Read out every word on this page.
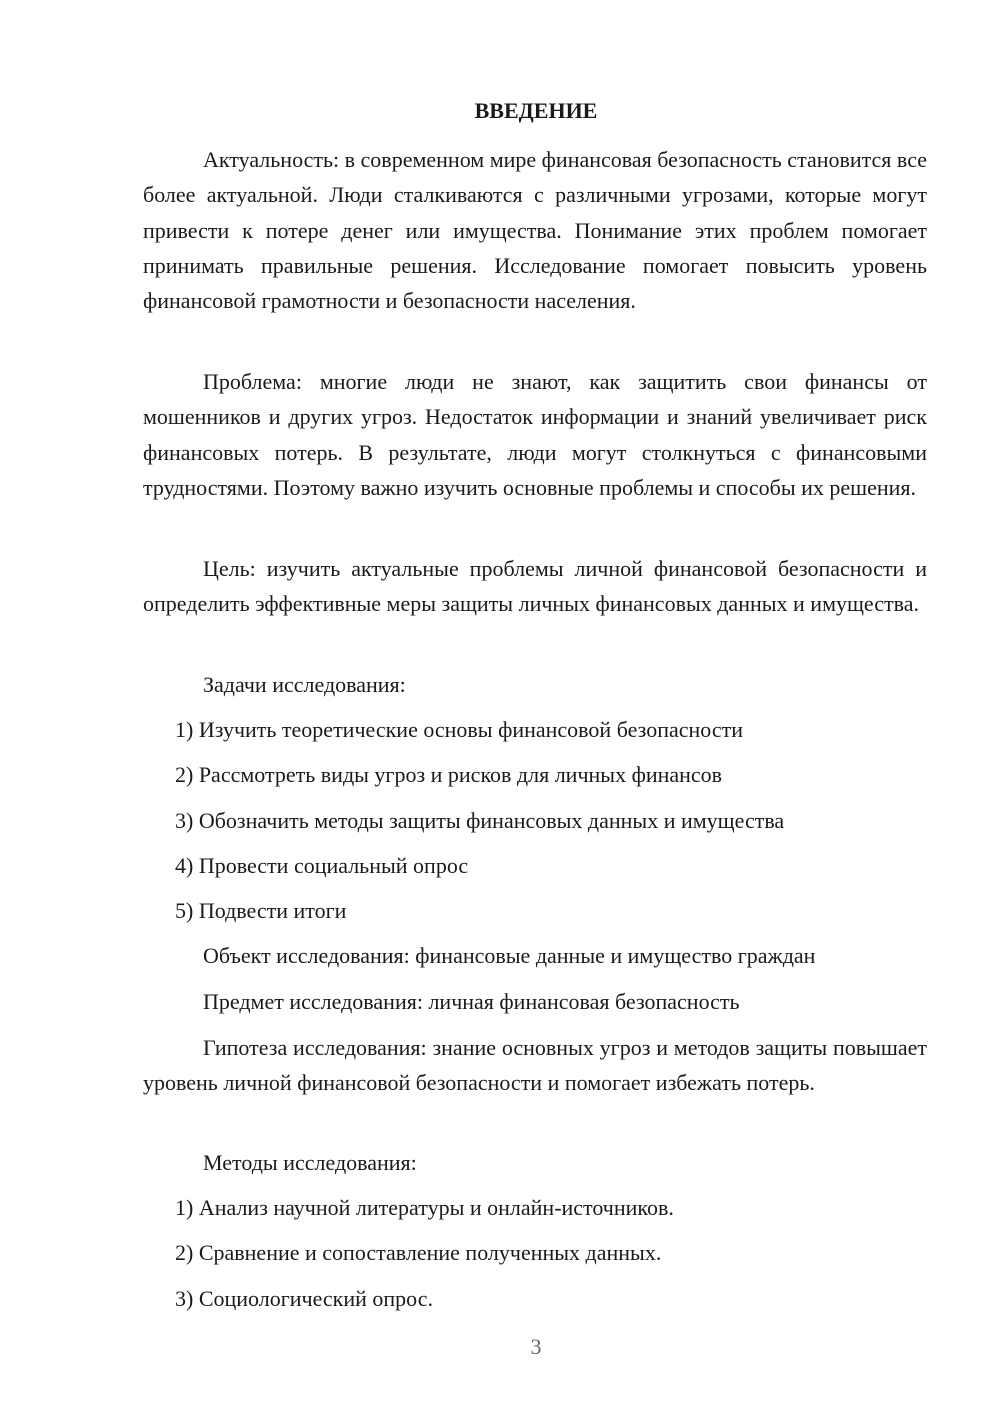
ВВЕДЕНИЕ

Актуальность: в современном мире финансовая безопасность становится все более актуальной. Люди сталкиваются с различными угрозами, которые могут привести к потере денег или имущества. Понимание этих проблем помогает принимать правильные решения. Исследование помогает повысить уровень финансовой грамотности и безопасности населения.

Проблема: многие люди не знают, как защитить свои финансы от мошенников и других угроз. Недостаток информации и знаний увеличивает риск финансовых потерь. В результате, люди могут столкнуться с финансовыми трудностями. Поэтому важно изучить основные проблемы и способы их решения.

Цель: изучить актуальные проблемы личной финансовой безопасности и определить эффективные меры защиты личных финансовых данных и имущества.

Задачи исследования:
1) Изучить теоретические основы финансовой безопасности
2) Рассмотреть виды угроз и рисков для личных финансов
3) Обозначить методы защиты финансовых данных и имущества
4) Провести социальный опрос
5) Подвести итоги
Объект исследования: финансовые данные и имущество граждан
Предмет исследования: личная финансовая безопасность

Гипотеза исследования: знание основных угроз и методов защиты повышает уровень личной финансовой безопасности и помогает избежать потерь.

Методы исследования:
1) Анализ научной литературы и онлайн-источников.
2) Сравнение и сопоставление полученных данных.
3) Социологический опрос.
3
